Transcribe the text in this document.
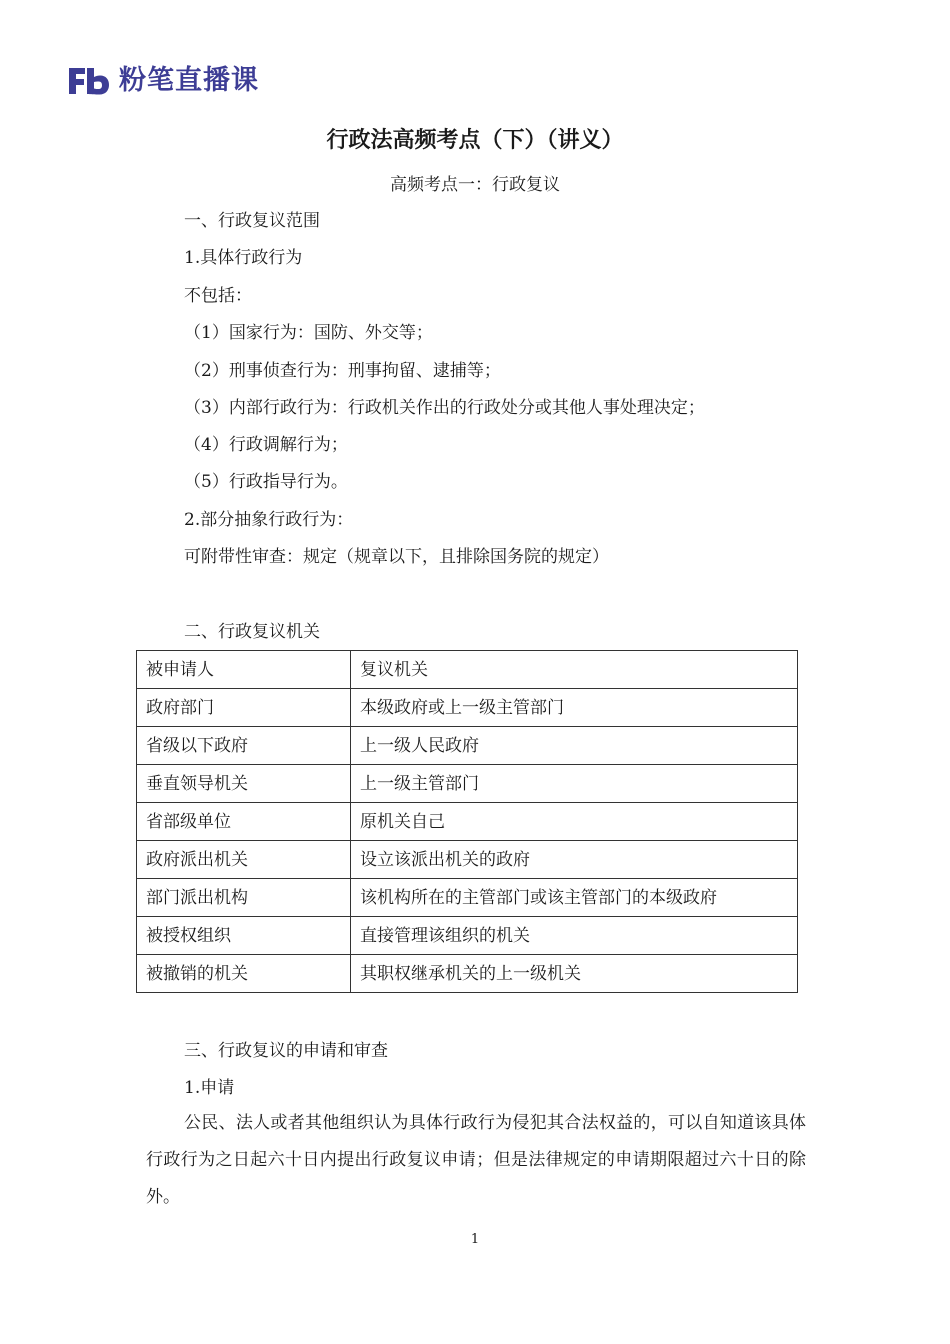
粉笔直播课
行政法高频考点（下）（讲义）
高频考点一：行政复议
一、行政复议范围
1.具体行政行为
不包括：
（1）国家行为：国防、外交等；
（2）刑事侦查行为：刑事拘留、逮捕等；
（3）内部行政行为：行政机关作出的行政处分或其他人事处理决定；
（4）行政调解行为；
（5）行政指导行为。
2.部分抽象行政行为：
可附带性审查：规定（规章以下，且排除国务院的规定）
二、行政复议机关
被申请人	复议机关
政府部门	本级政府或上一级主管部门
省级以下政府	上一级人民政府
垂直领导机关	上一级主管部门
省部级单位	原机关自己
政府派出机关	设立该派出机关的政府
部门派出机构	该机构所在的主管部门或该主管部门的本级政府
被授权组织	直接管理该组织的机关
被撤销的机关	其职权继承机关的上一级机关
三、行政复议的申请和审查
1.申请
公民、法人或者其他组织认为具体行政行为侵犯其合法权益的，可以自知道该具体行政行为之日起六十日内提出行政复议申请；但是法律规定的申请期限超过六十日的除外。
1
